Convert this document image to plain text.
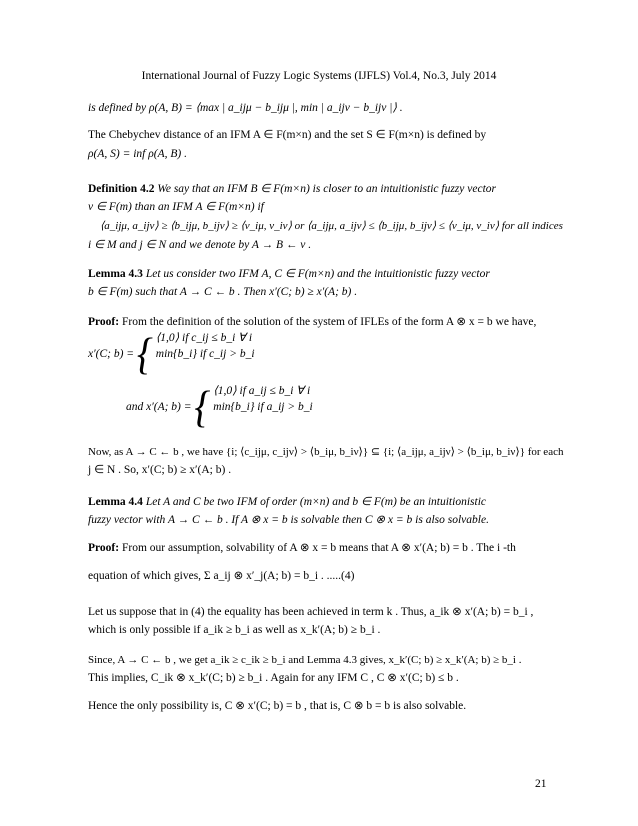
International Journal of Fuzzy Logic Systems (IJFLS) Vol.4, No.3, July 2014
is defined by ρ(A, B) = ⟨max | a_ijμ − b_ijμ |, min | a_ijν − b_ijν |⟩ .
The Chebychev distance of an IFM A ∈ F(m×n) and the set S ∈ F(m×n) is defined by
ρ(A, S) = inf ρ(A, B) .
Definition 4.2 We say that an IFM B ∈ F(m×n) is closer to an intuitionistic fuzzy vector
v ∈ F(m) than an IFM A ∈ F(m×n) if
⟨a_ijμ, a_ijν⟩ ≥ ⟨b_ijμ, b_ijν⟩ ≥ ⟨v_iμ, v_iν⟩ or ⟨a_ijμ, a_ijν⟩ ≤ ⟨b_ijμ, b_ijν⟩ ≤ ⟨v_iμ, v_iν⟩ for all indices
i ∈ M and j ∈ N and we denote by A → B ← v .
Lemma 4.3 Let us consider two IFM A, C ∈ F(m×n) and the intuitionistic fuzzy vector
b ∈ F(m) such that A → C ← b . Then x′(C; b) ≥ x′(A; b) .
Proof: From the definition of the solution of the system of IFLEs of the form A ⊗ x = b we have,
x′(C; b) = { ⟨1,0⟩ if c_ij ≤ b_i ∀ i
min{b_i} if c_ij > b_i

and x′(A; b) = { ⟨1,0⟩ if a_ij ≤ b_i ∀ i
min{b_i} if a_ij > b_i

Now, as A → C ← b , we have {i; ⟨c_ijμ, c_ijν⟩ > ⟨b_iμ, b_iν⟩} ⊆ {i; ⟨a_ijμ, a_ijν⟩ > ⟨b_iμ, b_iν⟩} for each
j ∈ N . So, x′(C; b) ≥ x′(A; b) .
Lemma 4.4 Let A and C be two IFM of order (m×n) and b ∈ F(m) be an intuitionistic
fuzzy vector with A → C ← b . If A ⊗ x = b is solvable then C ⊗ x = b is also solvable.
Proof: From our assumption, solvability of A ⊗ x = b means that A ⊗ x′(A; b) = b . The i -th
equation of which gives, Σ a_ij ⊗ x′_j(A; b) = b_i . .....(4)
Let us suppose that in (4) the equality has been achieved in term k . Thus, a_ik ⊗ x′(A; b) = b_i ,
which is only possible if a_ik ≥ b_i as well as x_k′(A; b) ≥ b_i .
Since, A → C ← b , we get a_ik ≥ c_ik ≥ b_i and Lemma 4.3 gives, x_k′(C; b) ≥ x_k′(A; b) ≥ b_i .
This implies, C_ik ⊗ x_k′(C; b) ≥ b_i . Again for any IFM C , C ⊗ x′(C; b) ≤ b .
Hence the only possibility is, C ⊗ x′(C; b) = b , that is, C ⊗ b = b is also solvable.
21
